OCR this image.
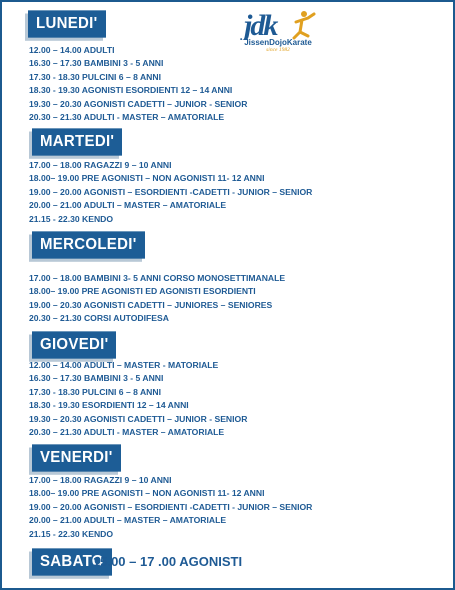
jdk
JissenDojoKarate
since 1982
LUNEDI'
12.00 – 14.00 ADULTI
16.30 – 17.30 BAMBINI 3 - 5 ANNI
17.30 - 18.30 PULCINI 6 – 8 ANNI
18.30 - 19.30 AGONISTI ESORDIENTI 12 – 14 ANNI
19.30 – 20.30 AGONISTI CADETTI – JUNIOR - SENIOR
20.30 – 21.30 ADULTI - MASTER – AMATORIALE
MARTEDI'
17.00 – 18.00 RAGAZZI 9 – 10 ANNI
18.00– 19.00 PRE AGONISTI – NON AGONISTI 11- 12 ANNI
19.00 – 20.00 AGONISTI – ESORDIENTI -CADETTI - JUNIOR – SENIOR
20.00 – 21.00 ADULTI – MASTER – AMATORIALE
21.15 - 22.30 KENDO
MERCOLEDI'
17.00 – 18.00 BAMBINI 3- 5 ANNI CORSO MONOSETTIMANALE
18.00– 19.00 PRE AGONISTI ED AGONISTI ESORDIENTI
19.00 – 20.30 AGONISTI CADETTI – JUNIORES – SENIORES
20.30 – 21.30 CORSI AUTODIFESA
GIOVEDI'
12.00 – 14.00 ADULTI – MASTER - MATORIALE
16.30 – 17.30 BAMBINI 3 - 5 ANNI
17.30 - 18.30 PULCINI 6 – 8 ANNI
18.30 - 19.30 ESORDIENTI 12 – 14 ANNI
19.30 – 20.30 AGONISTI CADETTI – JUNIOR - SENIOR
20.30 – 21.30 ADULTI - MASTER – AMATORIALE
VENERDI'
17.00 – 18.00 RAGAZZI 9 – 10 ANNI
18.00– 19.00 PRE AGONISTI – NON AGONISTI 11- 12 ANNI
19.00 – 20.00 AGONISTI – ESORDIENTI -CADETTI - JUNIOR – SENIOR
20.00 – 21.00 ADULTI – MASTER – AMATORIALE
21.15 - 22.30 KENDO
SABATO
15.00 – 17 .00 AGONISTI
